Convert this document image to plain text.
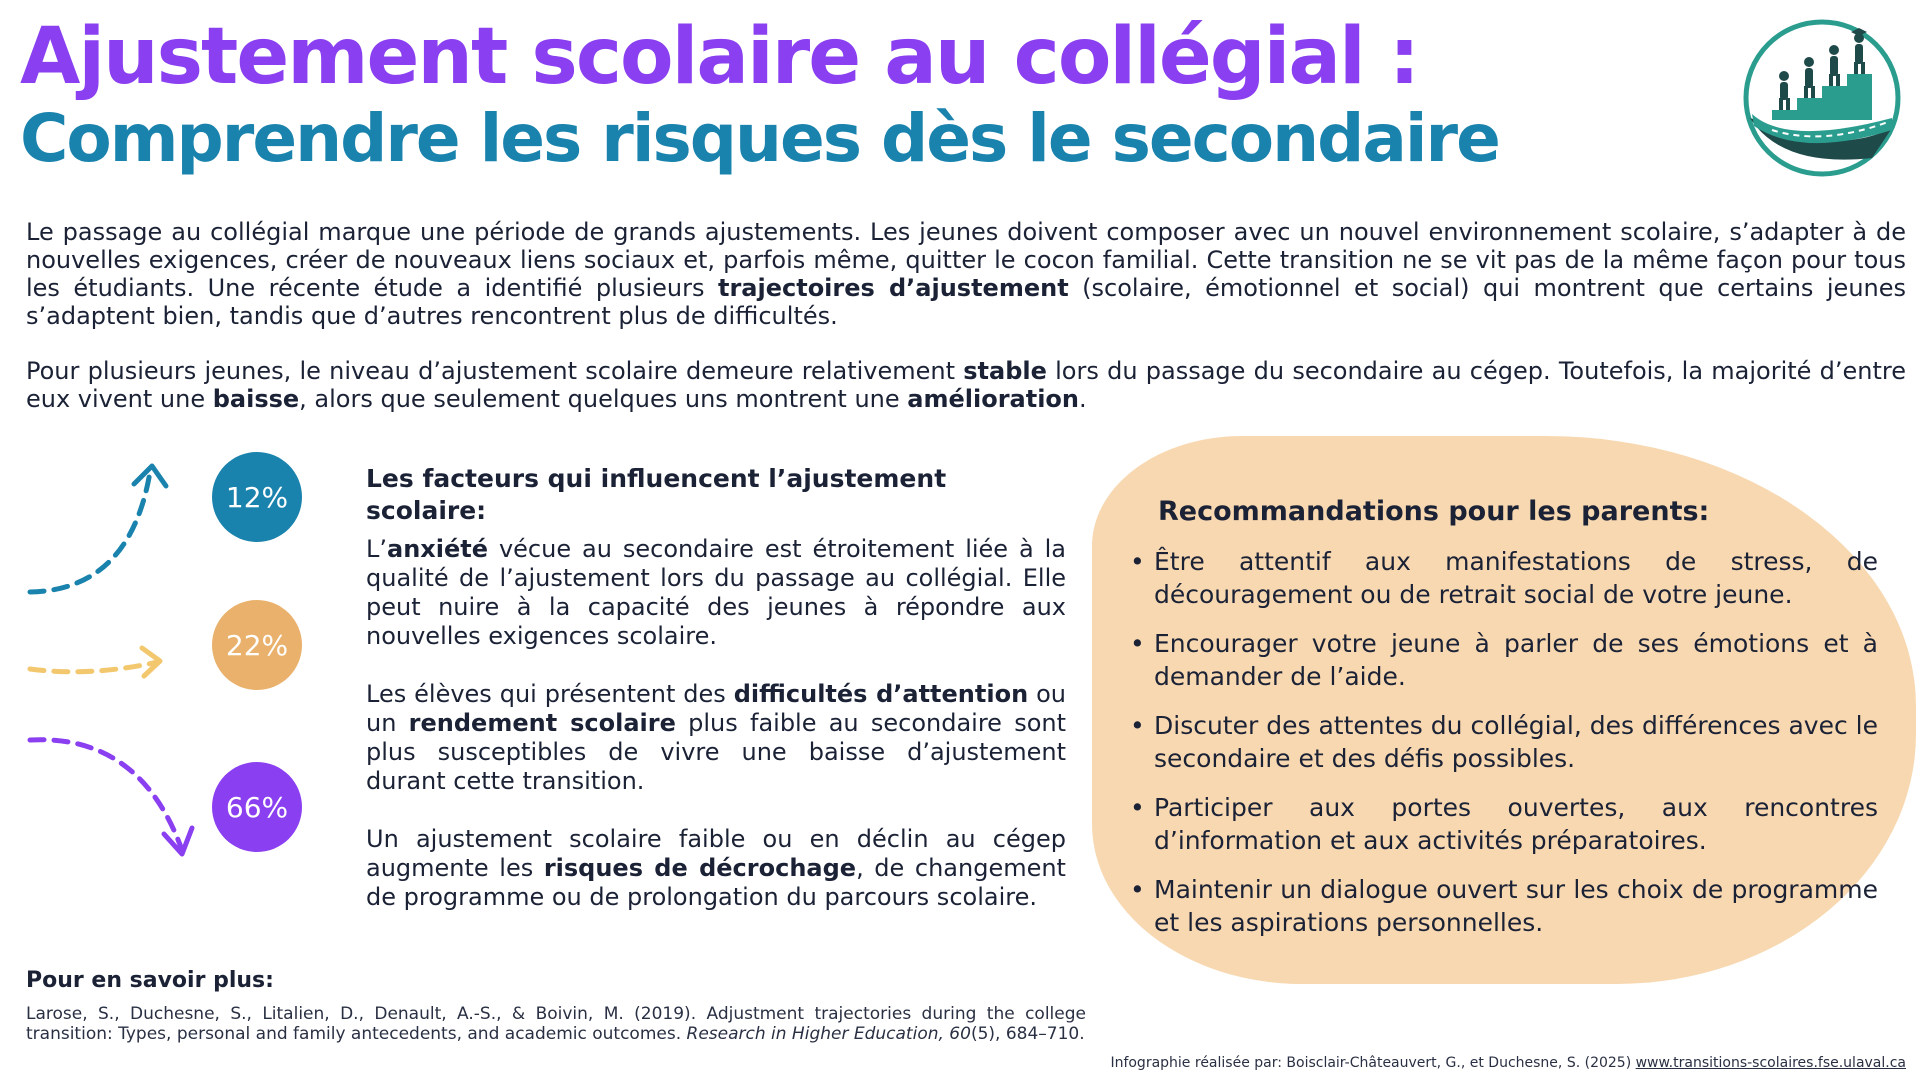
Ajustement scolaire au collégial :
Comprendre les risques dès le secondaire

Le passage au collégial marque une période de grands ajustements. Les jeunes doivent composer avec un nouvel environnement scolaire, s’adapter à de nouvelles exigences, créer de nouveaux liens sociaux et, parfois même, quitter le cocon familial. Cette transition ne se vit pas de la même façon pour tous les étudiants. Une récente étude a identifié plusieurs trajectoires d’ajustement (scolaire, émotionnel et social) qui montrent que certains jeunes s’adaptent bien, tandis que d’autres rencontrent plus de difficultés.

Pour plusieurs jeunes, le niveau d’ajustement scolaire demeure relativement stable lors du passage du secondaire au cégep. Toutefois, la majorité d’entre eux vivent une baisse, alors que seulement quelques uns montrent une amélioration.

12%
22%
66%
Les facteurs qui influencent l’ajustement scolaire:

L’anxiété vécue au secondaire est étroitement liée à la qualité de l’ajustement lors du passage au collégial. Elle peut nuire à la capacité des jeunes à répondre aux nouvelles exigences scolaire.

Les élèves qui présentent des difficultés d’attention ou un rendement scolaire plus faible au secondaire sont plus susceptibles de vivre une baisse d’ajustement durant cette transition.

Un ajustement scolaire faible ou en déclin au cégep augmente les risques de décrochage, de changement de programme ou de prolongation du parcours scolaire.

Recommandations pour les parents:
• Être attentif aux manifestations de stress, de découragement ou de retrait social de votre jeune.
• Encourager votre jeune à parler de ses émotions et à demander de l’aide.
• Discuter des attentes du collégial, des différences avec le secondaire et des défis possibles.
• Participer aux portes ouvertes, aux rencontres d’information et aux activités préparatoires.
• Maintenir un dialogue ouvert sur les choix de programme et les aspirations personnelles.
Pour en savoir plus:

Larose, S., Duchesne, S., Litalien, D., Denault, A.-S., & Boivin, M. (2019). Adjustment trajectories during the college transition: Types, personal and family antecedents, and academic outcomes. Research in Higher Education, 60(5), 684–710.

Infographie réalisée par: Boisclair-Châteauvert, G., et Duchesne, S. (2025) www.transitions-scolaires.fse.ulaval.ca
